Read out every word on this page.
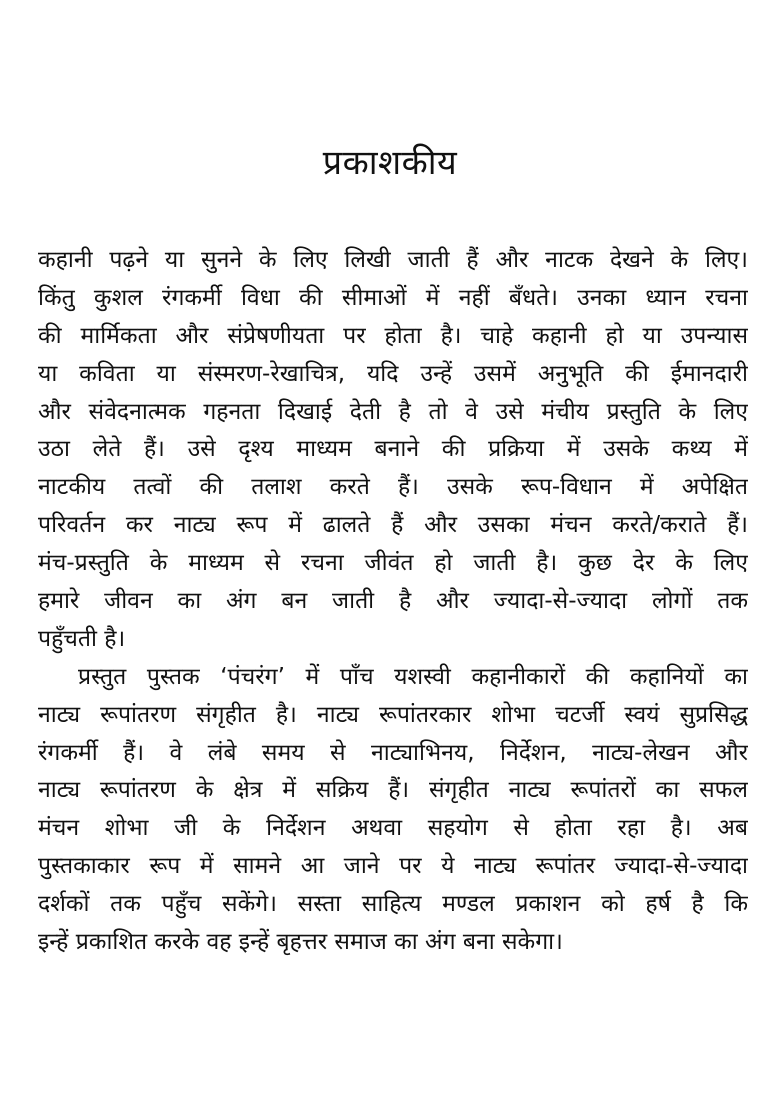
प्रकाशकीय
कहानी पढ़ने या सुनने के लिए लिखी जाती हैं और नाटक देखने के लिए।
किंतु कुशल रंगकर्मी विधा की सीमाओं में नहीं बँधते। उनका ध्यान रचना
की मार्मिकता और संप्रेषणीयता पर होता है। चाहे कहानी हो या उपन्यास
या कविता या संस्मरण-रेखाचित्र, यदि उन्हें उसमें अनुभूति की ईमानदारी
और संवेदनात्मक गहनता दिखाई देती है तो वे उसे मंचीय प्रस्तुति के लिए
उठा लेते हैं। उसे दृश्य माध्यम बनाने की प्रक्रिया में उसके कथ्य में
नाटकीय तत्वों की तलाश करते हैं। उसके रूप-विधान में अपेक्षित
परिवर्तन कर नाट्य रूप में ढालते हैं और उसका मंचन करते/कराते हैं।
मंच-प्रस्तुति के माध्यम से रचना जीवंत हो जाती है। कुछ देर के लिए
हमारे जीवन का अंग बन जाती है और ज्यादा-से-ज्यादा लोगों तक
पहुँचती है।
प्रस्तुत पुस्तक ‘पंचरंग’ में पाँच यशस्वी कहानीकारों की कहानियों का
नाट्य रूपांतरण संगृहीत है। नाट्य रूपांतरकार शोभा चटर्जी स्वयं सुप्रसिद्ध
रंगकर्मी हैं। वे लंबे समय से नाट्याभिनय, निर्देशन, नाट्य-लेखन और
नाट्य रूपांतरण के क्षेत्र में सक्रिय हैं। संगृहीत नाट्य रूपांतरों का सफल
मंचन शोभा जी के निर्देशन अथवा सहयोग से होता रहा है। अब
पुस्तकाकार रूप में सामने आ जाने पर ये नाट्य रूपांतर ज्यादा-से-ज्यादा
दर्शकों तक पहुँच सकेंगे। सस्ता साहित्य मण्डल प्रकाशन को हर्ष है कि
इन्हें प्रकाशित करके वह इन्हें बृहत्तर समाज का अंग बना सकेगा।
